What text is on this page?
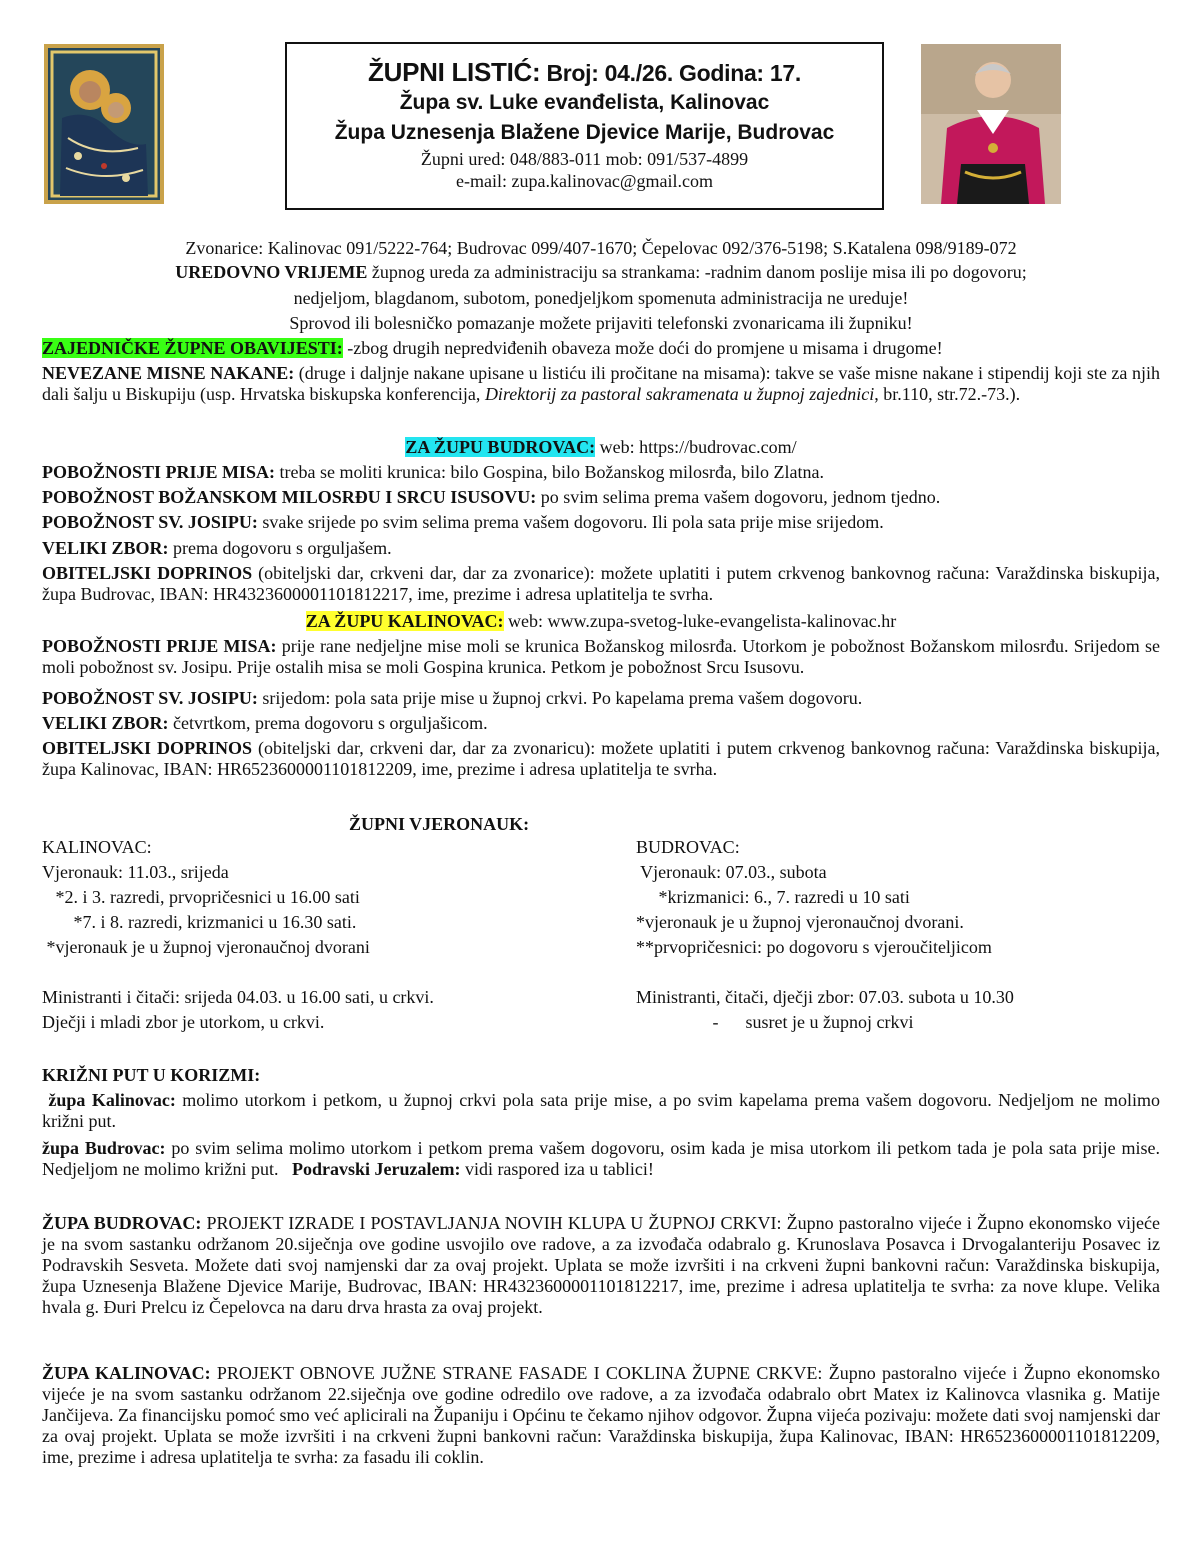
ŽUPNI LISTIĆ: Broj: 04./26. Godina: 17.
Župa sv. Luke evanđelista, Kalinovac
Župa Uznesenja Blažene Djevice Marije, Budrovac
Župni ured: 048/883-011 mob: 091/537-4899
e-mail: zupa.kalinovac@gmail.com
Zvonarice: Kalinovac 091/5222-764; Budrovac 099/407-1670; Čepelovac 092/376-5198; S.Katalena 098/9189-072
UREDOVNO VRIJEME župnog ureda za administraciju sa strankama: -radnim danom poslije misa ili po dogovoru;
nedjeljom, blagdanom, subotom, ponedjeljkom spomenuta administracija ne ureduje!
Sprovod ili bolesničko pomazanje možete prijaviti telefonski zvonaricama ili župniku!
ZAJEDNIČKE ŽUPNE OBAVIJESTI: -zbog drugih nepredviđenih obaveza može doći do promjene u misama i drugome!
NEVEZANE MISNE NAKANE: (druge i daljnje nakane upisane u listiću ili pročitane na misama): takve se vaše misne nakane i stipendij koji ste za njih dali šalju u Biskupiju (usp. Hrvatska biskupska konferencija, Direktorij za pastoral sakramenata u župnoj zajednici, br.110, str.72.-73.).
ZA ŽUPU BUDROVAC: web: https://budrovac.com/
POBOŽNOSTI PRIJE MISA: treba se moliti krunica: bilo Gospina, bilo Božanskog milosrđa, bilo Zlatna.
POBOŽNOST BOŽANSKOM MILOSRĐU I SRCU ISUSOVU: po svim selima prema vašem dogovoru, jednom tjedno.
POBOŽNOST SV. JOSIPU: svake srijede po svim selima prema vašem dogovoru. Ili pola sata prije mise srijedom.
VELIKI ZBOR: prema dogovoru s orguljašem.
OBITELJSKI DOPRINOS (obiteljski dar, crkveni dar, dar za zvonarice): možete uplatiti i putem crkvenog bankovnog računa: Varaždinska biskupija, župa Budrovac, IBAN: HR4323600001101812217, ime, prezime i adresa uplatitelja te svrha.
ZA ŽUPU KALINOVAC: web: www.zupa-svetog-luke-evangelista-kalinovac.hr
POBOŽNOSTI PRIJE MISA: prije rane nedjeljne mise moli se krunica Božanskog milosrđa. Utorkom je pobožnost Božanskom milosrđu. Srijedom se moli pobožnost sv. Josipu. Prije ostalih misa se moli Gospina krunica. Petkom je pobožnost Srcu Isusovu.
POBOŽNOST SV. JOSIPU: srijedom: pola sata prije mise u župnoj crkvi. Po kapelama prema vašem dogovoru.
VELIKI ZBOR: četvrtkom, prema dogovoru s orguljašicom.
OBITELJSKI DOPRINOS (obiteljski dar, crkveni dar, dar za zvonaricu): možete uplatiti i putem crkvenog bankovnog računa: Varaždinska biskupija, župa Kalinovac, IBAN: HR6523600001101812209, ime, prezime i adresa uplatitelja te svrha.
ŽUPNI VJERONAUK:
KALINOVAC:
Vjeronauk: 11.03., srijeda
*2. i 3. razredi, prvopričesnici u 16.00 sati
*7. i 8. razredi, krizmanici u 16.30 sati.
*vjeronauk je u župnoj vjeronaučnoj dvorani
Ministranti i čitači: srijeda 04.03. u 16.00 sati, u crkvi.
Dječji i mladi zbor je utorkom, u crkvi.
BUDROVAC:
Vjeronauk: 07.03., subota
*krizmanici: 6., 7. razredi u 10 sati
*vjeronauk je u župnoj vjeronaučnoj dvorani.
**prvopričesnici: po dogovoru s vjeroučiteljicom
Ministranti, čitači, dječji zbor: 07.03. subota u 10.30
-      susret je u župnoj crkvi
KRIŽNI PUT U KORIZMI:
župa Kalinovac: molimo utorkom i petkom, u župnoj crkvi pola sata prije mise, a po svim kapelama prema vašem dogovoru. Nedjeljom ne molimo križni put.
župa Budrovac: po svim selima molimo utorkom i petkom prema vašem dogovoru, osim kada je misa utorkom ili petkom tada je pola sata prije mise. Nedjeljom ne molimo križni put.   Podravski Jeruzalem: vidi raspored iza u tablici!
ŽUPA BUDROVAC: PROJEKT IZRADE I POSTAVLJANJA NOVIH KLUPA U ŽUPNOJ CRKVI: Župno pastoralno vijeće i Župno ekonomsko vijeće je na svom sastanku održanom 20.siječnja ove godine usvojilo ove radove, a za izvođača odabralo g. Krunoslava Posavca i Drvogalanteriju Posavec iz Podravskih Sesveta. Možete dati svoj namjenski dar za ovaj projekt. Uplata se može izvršiti i na crkveni župni bankovni račun: Varaždinska biskupija, župa Uznesenja Blažene Djevice Marije, Budrovac, IBAN: HR4323600001101812217, ime, prezime i adresa uplatitelja te svrha: za nove klupe. Velika hvala g. Đuri Prelcu iz Čepelovca na daru drva hrasta za ovaj projekt.
ŽUPA KALINOVAC: PROJEKT OBNOVE JUŽNE STRANE FASADE I COKLINA ŽUPNE CRKVE: Župno pastoralno vijeće i Župno ekonomsko vijeće je na svom sastanku održanom 22.siječnja ove godine odredilo ove radove, a za izvođača odabralo obrt Matex iz Kalinovca vlasnika g. Matije Jančijeva. Za financijsku pomoć smo već aplicirali na Županiju i Općinu te čekamo njihov odgovor. Župna vijeća pozivaju: možete dati svoj namjenski dar za ovaj projekt. Uplata se može izvršiti i na crkveni župni bankovni račun: Varaždinska biskupija, župa Kalinovac, IBAN: HR6523600001101812209, ime, prezime i adresa uplatitelja te svrha: za fasadu ili coklin.
